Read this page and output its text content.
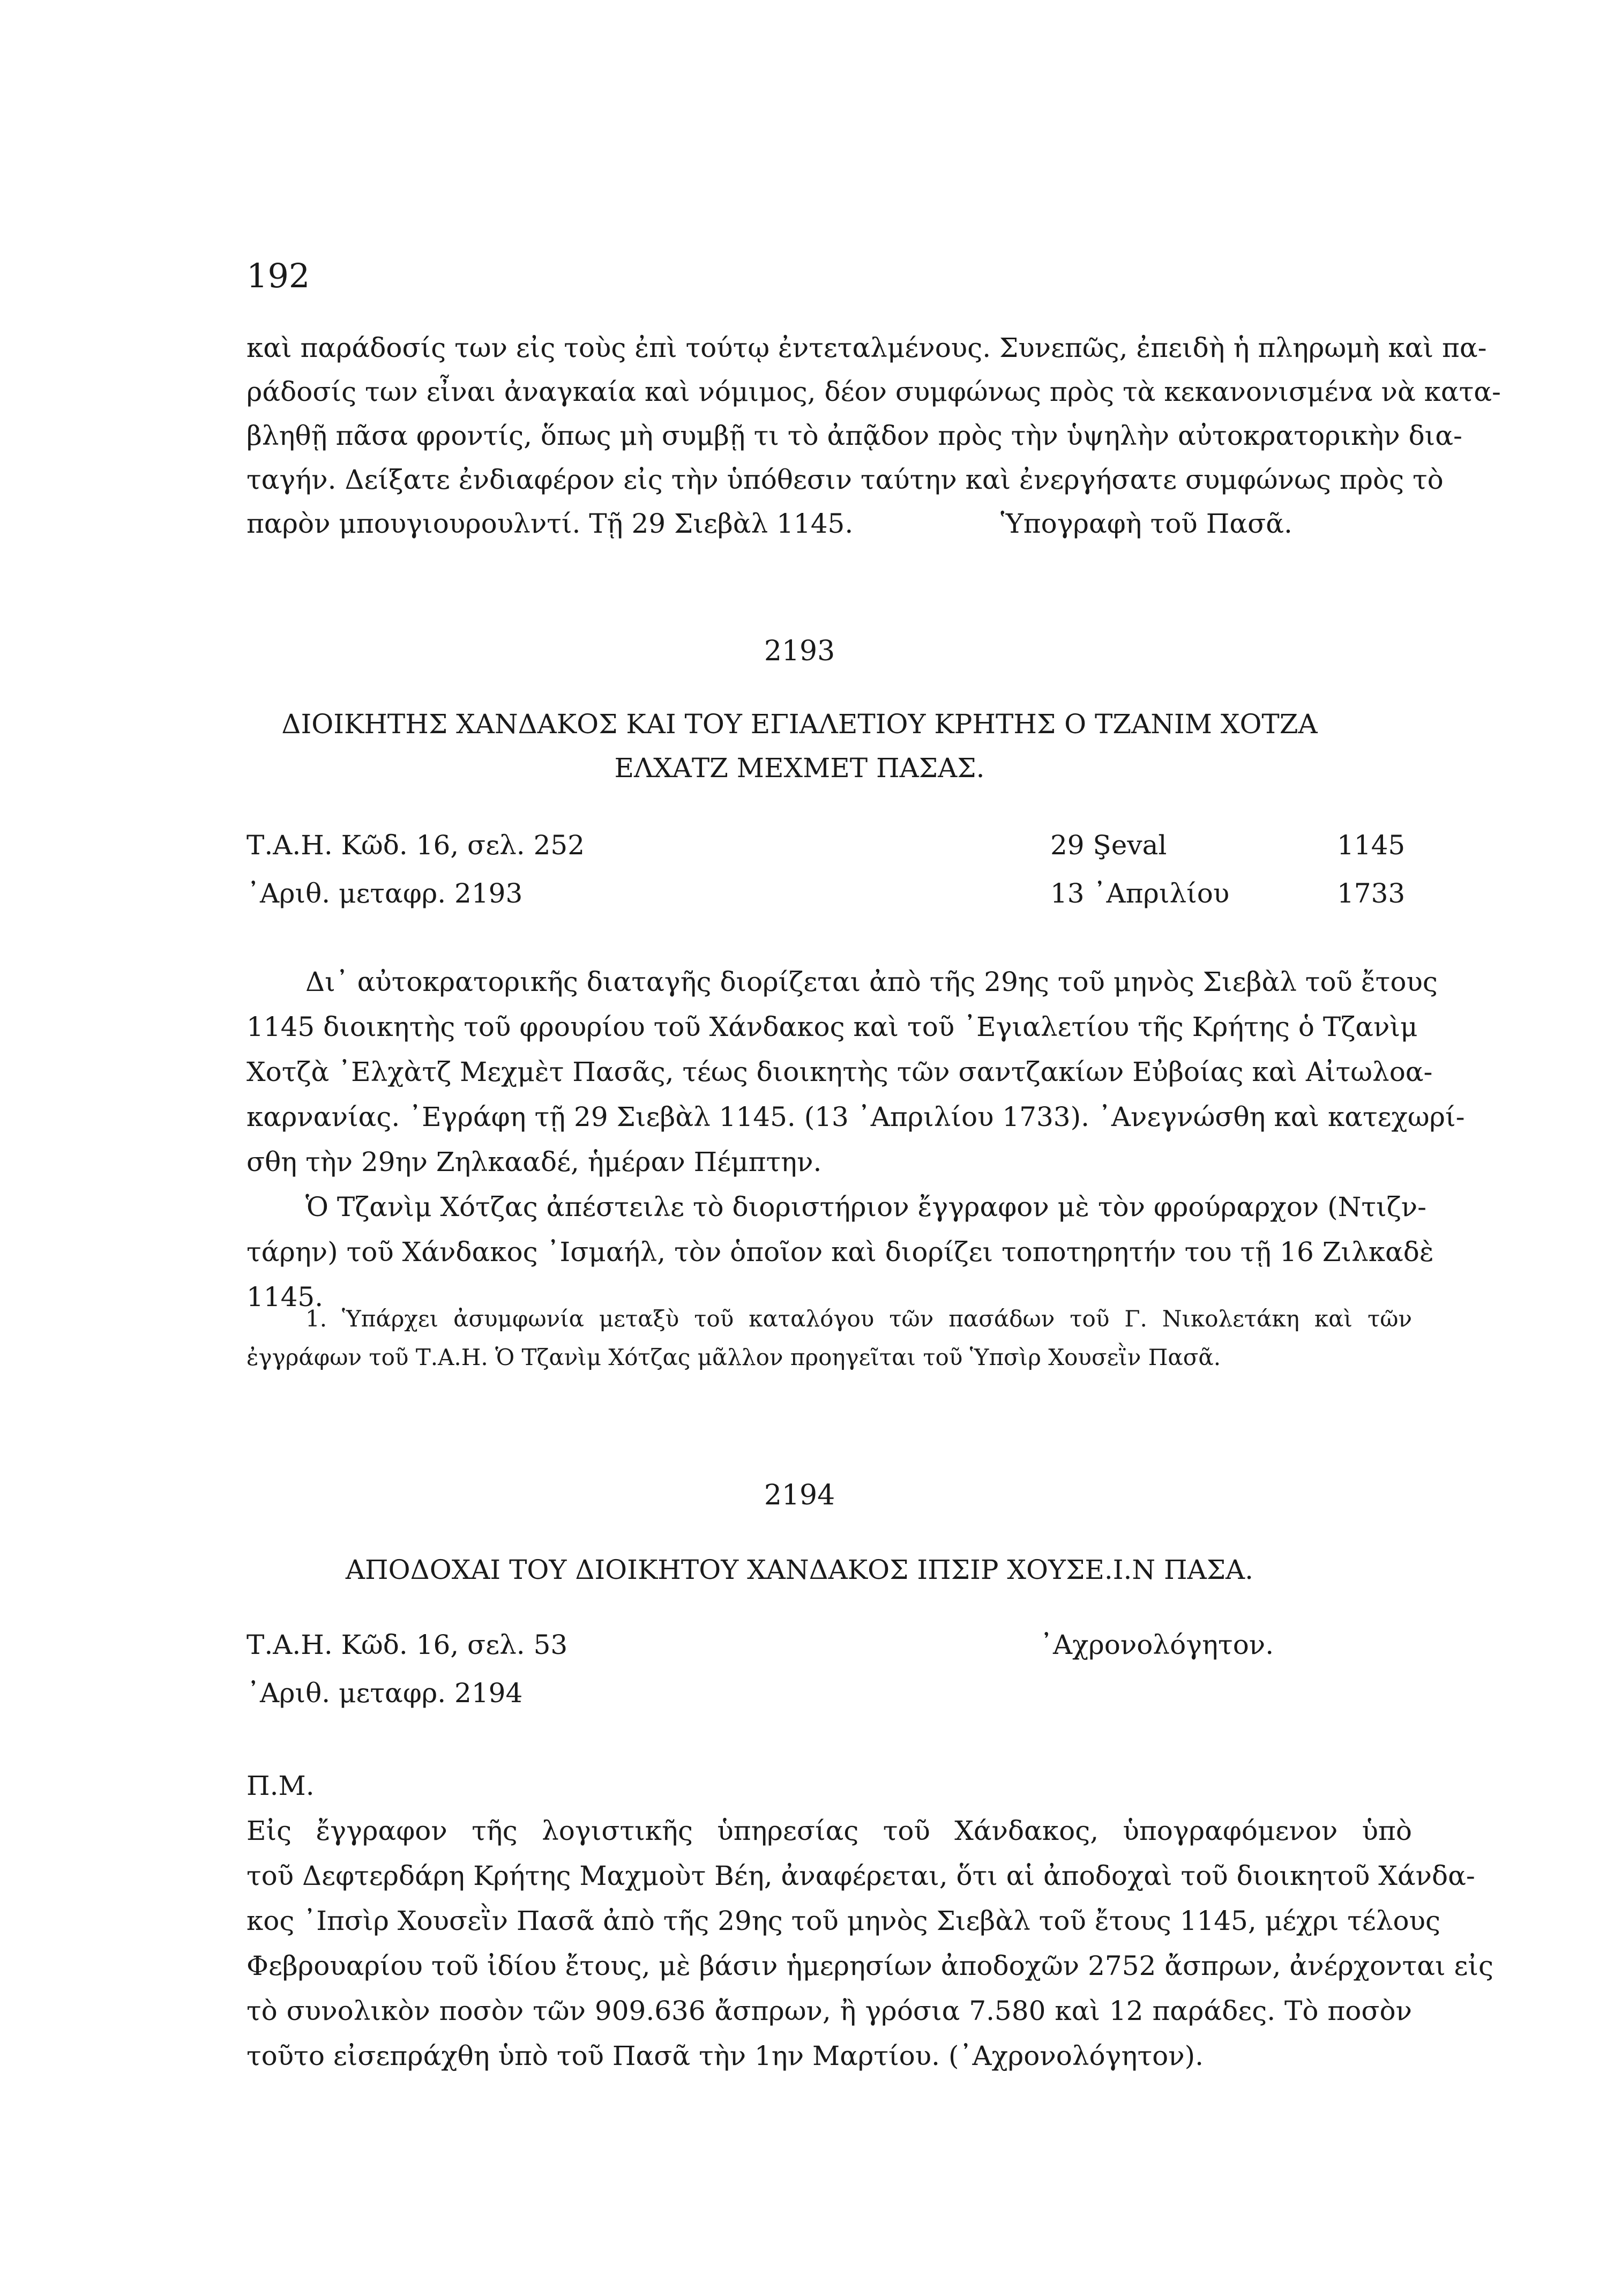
192
καὶ παράδοσίς των εἰς τοὺς ἐπὶ τούτῳ ἐντεταλμένους. Συνεπῶς, ἐπειδὴ ἡ πληρωμὴ καὶ πα-
ράδοσίς των εἶναι ἀναγκαία καὶ νόμιμος, δέον συμφώνως πρὸς τὰ κεκανονισμένα νὰ κατα-
βληθῇ πᾶσα φροντίς, ὅπως μὴ συμβῇ τι τὸ ἀπᾷδον πρὸς τὴν ὑψηλὴν αὐτοκρατορικὴν δια-
ταγήν. Δείξατε ἐνδιαφέρον εἰς τὴν ὑπόθεσιν ταύτην καὶ ἐνεργήσατε συμφώνως πρὸς τὸ
παρὸν μπουγιουρουλντί. Τῇ 29 Σιεβὰλ 1145.	Ὑπογραφὴ τοῦ Πασᾶ.
2193
ΔΙΟΙΚΗΤΗΣ ΧΑΝΔΑΚΟΣ ΚΑΙ ΤΟΥ ΕΓΙΑΛΕΤΙΟΥ ΚΡΗΤΗΣ Ο ΤΖΑΝΙΜ ΧΟΤΖΑ
ΕΛΧΑΤΖ ΜΕΧΜΕΤ ΠΑΣΑΣ.
Τ.Α.Η. Κῶδ. 16, σελ. 252	29 Şeval	1145
᾿Αριθ. μεταφρ. 2193	13 ᾿Απριλίου	1733
Δι᾿ αὐτοκρατορικῆς διαταγῆς διορίζεται ἀπὸ τῆς 29ης τοῦ μηνὸς Σιεβὰλ τοῦ ἔτους
1145 διοικητὴς τοῦ φρουρίου τοῦ Χάνδακος καὶ τοῦ ᾿Εγιαλετίου τῆς Κρήτης ὁ Τζανὶμ
Χοτζὰ ᾿Ελχὰτζ Μεχμὲτ Πασᾶς, τέως διοικητὴς τῶν σαντζακίων Εὐβοίας καὶ Αἰτωλοα-
καρνανίας. ᾿Εγράφη τῇ 29 Σιεβὰλ 1145. (13 ᾿Απριλίου 1733). ᾿Ανεγνώσθη καὶ κατεχωρί-
σθη τὴν 29ην Ζηλκααδέ, ἡμέραν Πέμπτην.
Ὁ Τζανὶμ Χότζας ἀπέστειλε τὸ διοριστήριον ἔγγραφον μὲ τὸν φρούραρχον (Ντιζν-
τάρην) τοῦ Χάνδακος ᾿Ισμαήλ, τὸν ὁποῖον καὶ διορίζει τοποτηρητήν του τῇ 16 Ζιλκαδὲ
1145.
1. Ὑπάρχει ἀσυμφωνία μεταξὺ τοῦ καταλόγου τῶν πασάδων τοῦ Γ. Νικολετάκη καὶ τῶν
ἐγγράφων τοῦ Τ.Α.Η. Ὁ Τζανὶμ Χότζας μᾶλλον προηγεῖται τοῦ Ὑπσὶρ Χουσεῒν Πασᾶ.
2194
ΑΠΟΔΟΧΑΙ ΤΟΥ ΔΙΟΙΚΗΤΟΥ ΧΑΝΔΑΚΟΣ ΙΠΣΙΡ ΧΟΥΣΕ.Ι.Ν ΠΑΣΑ.
Τ.Α.Η. Κῶδ. 16, σελ. 53	᾿Αχρονολόγητον.
᾿Αριθ. μεταφρ. 2194
Π.Μ.
Εἰς ἔγγραφον τῆς λογιστικῆς ὑπηρεσίας τοῦ Χάνδακος, ὑπογραφόμενον ὑπὸ
τοῦ Δεφτερδάρη Κρήτης Μαχμοὺτ Βέη, ἀναφέρεται, ὅτι αἱ ἀποδοχαὶ τοῦ διοικητοῦ Χάνδα-
κος ᾿Ιπσὶρ Χουσεῒν Πασᾶ ἀπὸ τῆς 29ης τοῦ μηνὸς Σιεβὰλ τοῦ ἔτους 1145, μέχρι τέλους
Φεβρουαρίου τοῦ ἰδίου ἔτους, μὲ βάσιν ἡμερησίων ἀποδοχῶν 2752 ἄσπρων, ἀνέρχονται εἰς
τὸ συνολικὸν ποσὸν τῶν 909.636 ἄσπρων, ἢ γρόσια 7.580 καὶ 12 παράδες. Τὸ ποσὸν
τοῦτο εἰσεπράχθη ὑπὸ τοῦ Πασᾶ τὴν 1ην Μαρτίου. (᾿Αχρονολόγητον).
